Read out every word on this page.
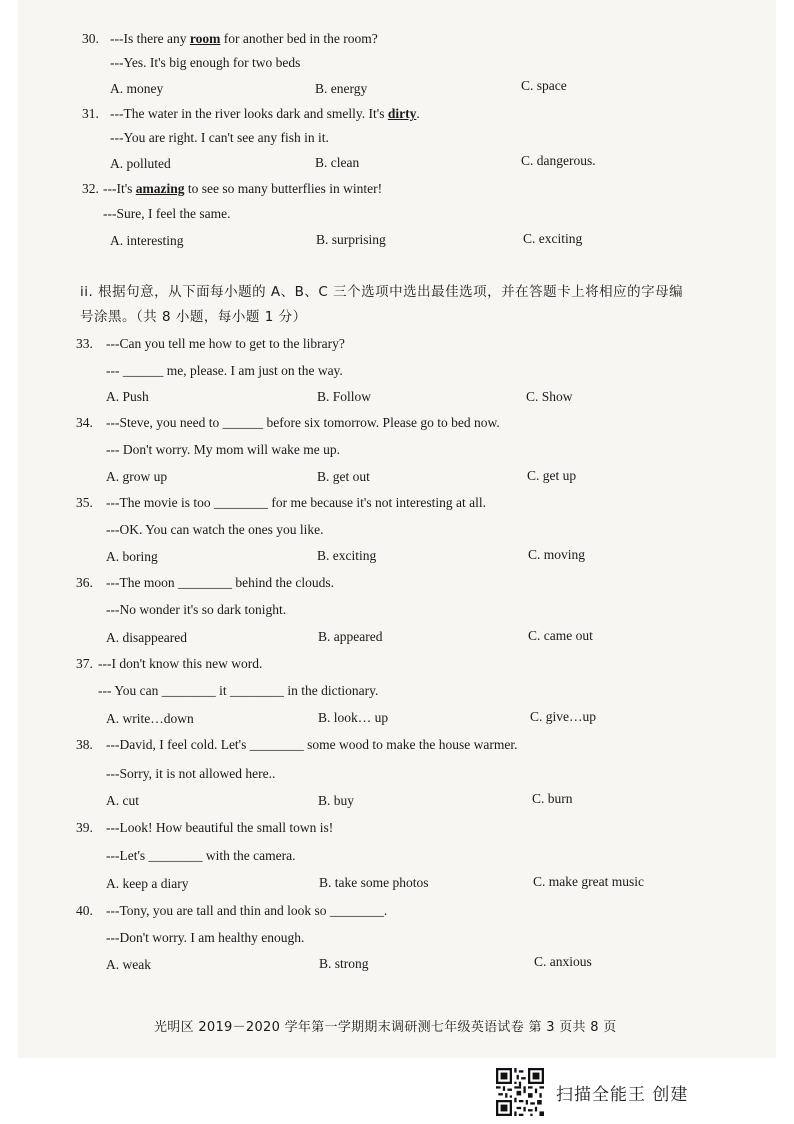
30. ---Is there any room for another bed in the room?
---Yes. It's big enough for two beds
A. money	B. energy	C. space
31. ---The water in the river looks dark and smelly. It's dirty.
---You are right. I can't see any fish in it.
A. polluted	B. clean	C. dangerous.
32. ---It's amazing to see so many butterflies in winter!
---Sure, I feel the same.
A. interesting	B. surprising	C. exciting
ii. 根据句意，从下面每小题的 A、B、C 三个选项中选出最佳选项，并在答题卡上将相应的字母编
号涂黑。（共 8 小题，每小题 1 分）
33. ---Can you tell me how to get to the library?
--- ______ me, please. I am just on the way.
A. Push	B. Follow	C. Show
34. ---Steve, you need to ______ before six tomorrow. Please go to bed now.
--- Don't worry. My mom will wake me up.
A. grow up	B. get out	C. get up
35. ---The movie is too ________ for me because it's not interesting at all.
---OK. You can watch the ones you like.
A. boring	B. exciting	C. moving
36. ---The moon ________ behind the clouds.
---No wonder it's so dark tonight.
A. disappeared	B. appeared	C. came out
37. ---I don't know this new word.
--- You can ________ it ________ in the dictionary.
A. write…down	B. look… up	C. give…up
38. ---David, I feel cold. Let's ________ some wood to make the house warmer.
---Sorry, it is not allowed here..
A. cut	B. buy	C. burn
39. ---Look! How beautiful the small town is!
---Let's ________ with the camera.
A. keep a diary	B. take some photos	C. make great music
40. ---Tony, you are tall and thin and look so ________.
---Don't worry. I am healthy enough.
A. weak	B. strong	C. anxious
光明区 2019－2020 学年第一学期期末调研测七年级英语试卷 第 3 页共 8 页
扫描全能王 创建
